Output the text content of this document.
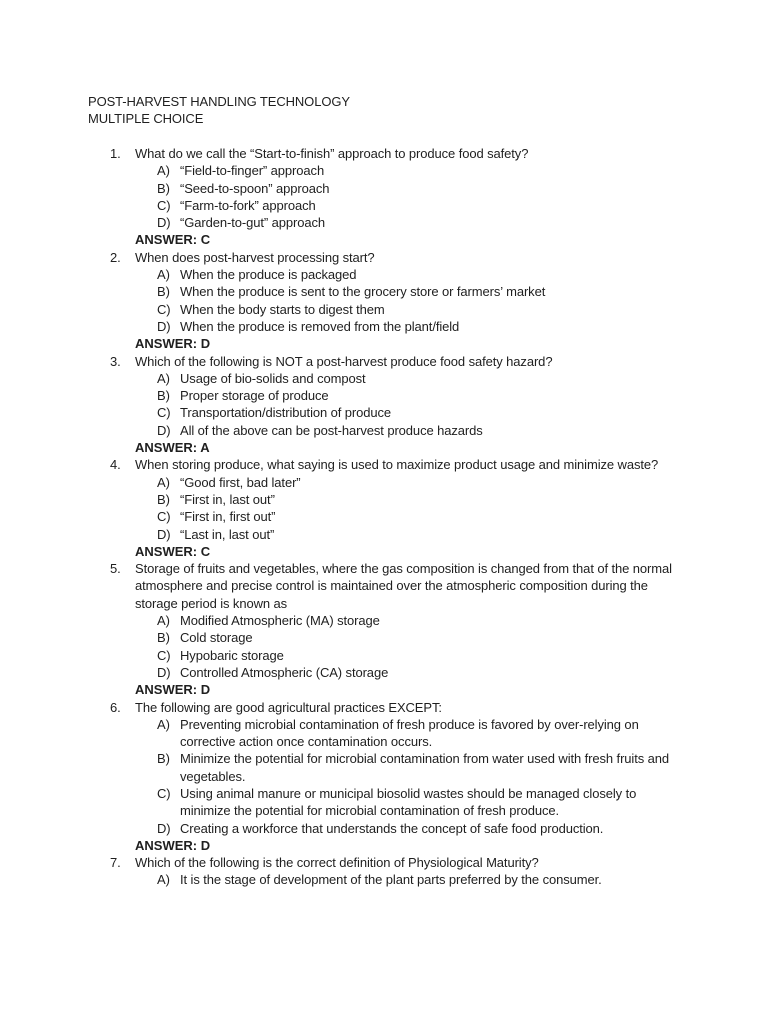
POST-HARVEST HANDLING TECHNOLOGY
MULTIPLE CHOICE
1.	What do we call the “Start-to-finish” approach to produce food safety?
A) “Field-to-finger” approach
B) “Seed-to-spoon” approach
C) “Farm-to-fork” approach
D) “Garden-to-gut” approach
ANSWER: C
2.	When does post-harvest processing start?
A) When the produce is packaged
B) When the produce is sent to the grocery store or farmers’ market
C) When the body starts to digest them
D) When the produce is removed from the plant/field
ANSWER: D
3.	Which of the following is NOT a post-harvest produce food safety hazard?
A) Usage of bio-solids and compost
B) Proper storage of produce
C) Transportation/distribution of produce
D) All of the above can be post-harvest produce hazards
ANSWER: A
4.	When storing produce, what saying is used to maximize product usage and minimize waste?
A) “Good first, bad later”
B) “First in, last out”
C) “First in, first out”
D) “Last in, last out”
ANSWER: C
5.	Storage of fruits and vegetables, where the gas composition is changed from that of the normal atmosphere and precise control is maintained over the atmospheric composition during the storage period is known as
A) Modified Atmospheric (MA) storage
B) Cold storage
C) Hypobaric storage
D) Controlled Atmospheric (CA) storage
ANSWER: D
6.	The following are good agricultural practices EXCEPT:
A) Preventing microbial contamination of fresh produce is favored by over-relying on corrective action once contamination occurs.
B) Minimize the potential for microbial contamination from water used with fresh fruits and vegetables.
C) Using animal manure or municipal biosolid wastes should be managed closely to minimize the potential for microbial contamination of fresh produce.
D) Creating a workforce that understands the concept of safe food production.
ANSWER: D
7.	Which of the following is the correct definition of Physiological Maturity?
A) It is the stage of development of the plant parts preferred by the consumer.
